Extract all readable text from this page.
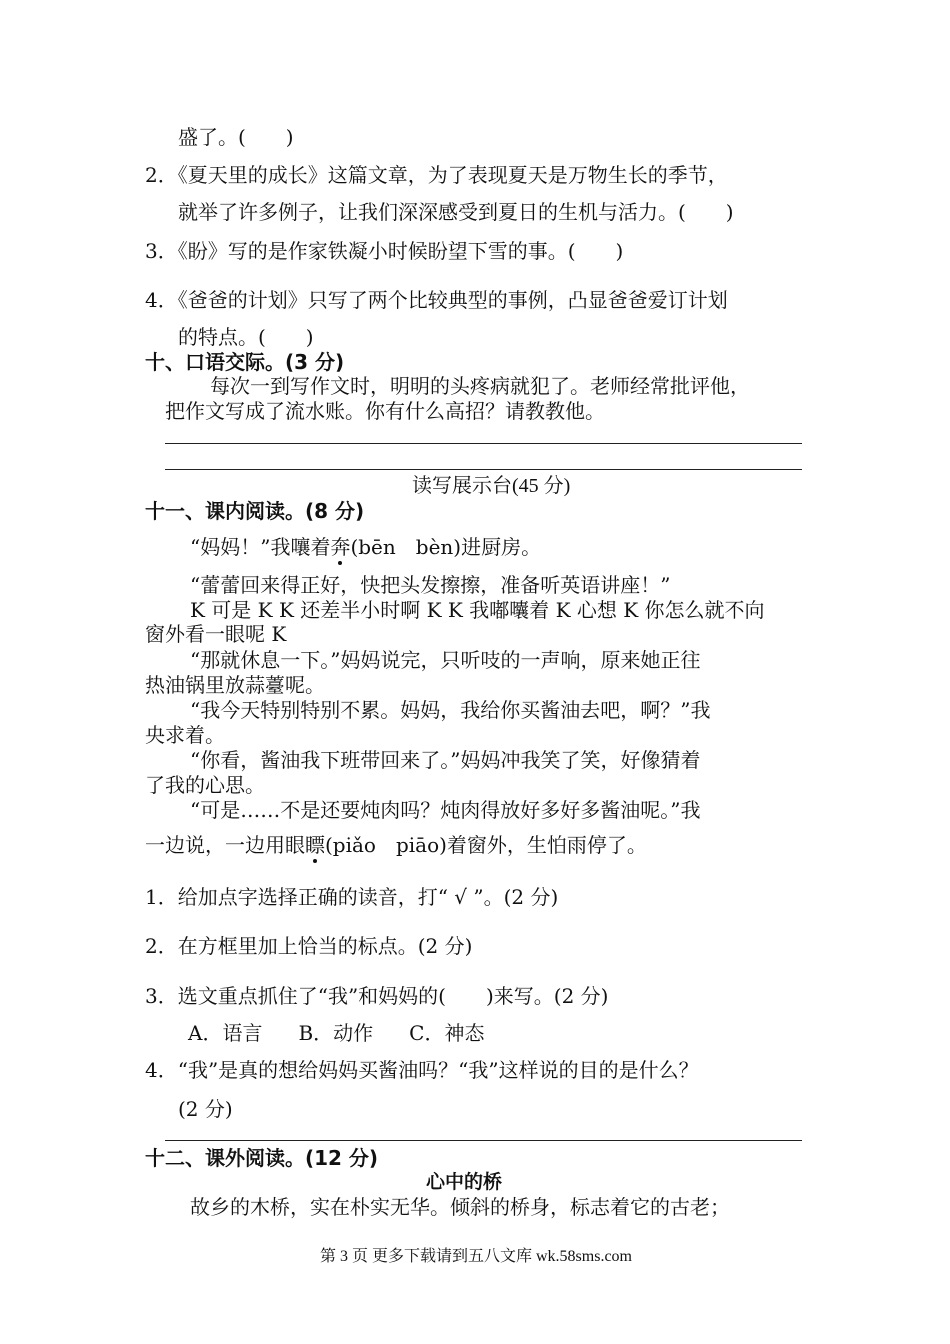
盛了。(　　)
2．《夏天里的成长》这篇文章，为了表现夏天是万物生长的季节，
就举了许多例子，让我们深深感受到夏日的生机与活力。(　　)
3．《盼》写的是作家铁凝小时候盼望下雪的事。(　　)
4．《爸爸的计划》只写了两个比较典型的事例，凸显爸爸爱订计划
的特点。(　　)
十、口语交际。(3 分)
每次一到写作文时，明明的头疼病就犯了。老师经常批评他，
把作文写成了流水账。你有什么高招？请教教他。
读写展示台(45 分)
十一、课内阅读。(8 分)
“妈妈！”我嚷着奔(bēn　bèn)进厨房。
“蕾蕾回来得正好，快把头发擦擦，准备听英语讲座！”
K 可是 K K 还差半小时啊 K K 我嘟囔着 K 心想 K 你怎么就不向
窗外看一眼呢 K
“那就休息一下。”妈妈说完，只听吱的一声响，原来她正往
热油锅里放蒜薹呢。
“我今天特别特别不累。妈妈，我给你买酱油去吧，啊？”我
央求着。
“你看，酱油我下班带回来了。”妈妈冲我笑了笑，好像猜着
了我的心思。
“可是……不是还要炖肉吗？炖肉得放好多好多酱油呢。”我
一边说，一边用眼瞟(piǎo　piāo)着窗外，生怕雨停了。
1．给加点字选择正确的读音，打“ √ ”。(2 分)
2．在方框里加上恰当的标点。(2 分)
3．选文重点抓住了“我”和妈妈的(　　)来写。(2 分)
A．语言 B．动作 C．神态
4．“我”是真的想给妈妈买酱油吗？“我”这样说的目的是什么？
(2 分)
十二、课外阅读。(12 分)
心中的桥
故乡的木桥，实在朴实无华。倾斜的桥身，标志着它的古老；
第 3 页 更多下载请到五八文库 wk.58sms.com
